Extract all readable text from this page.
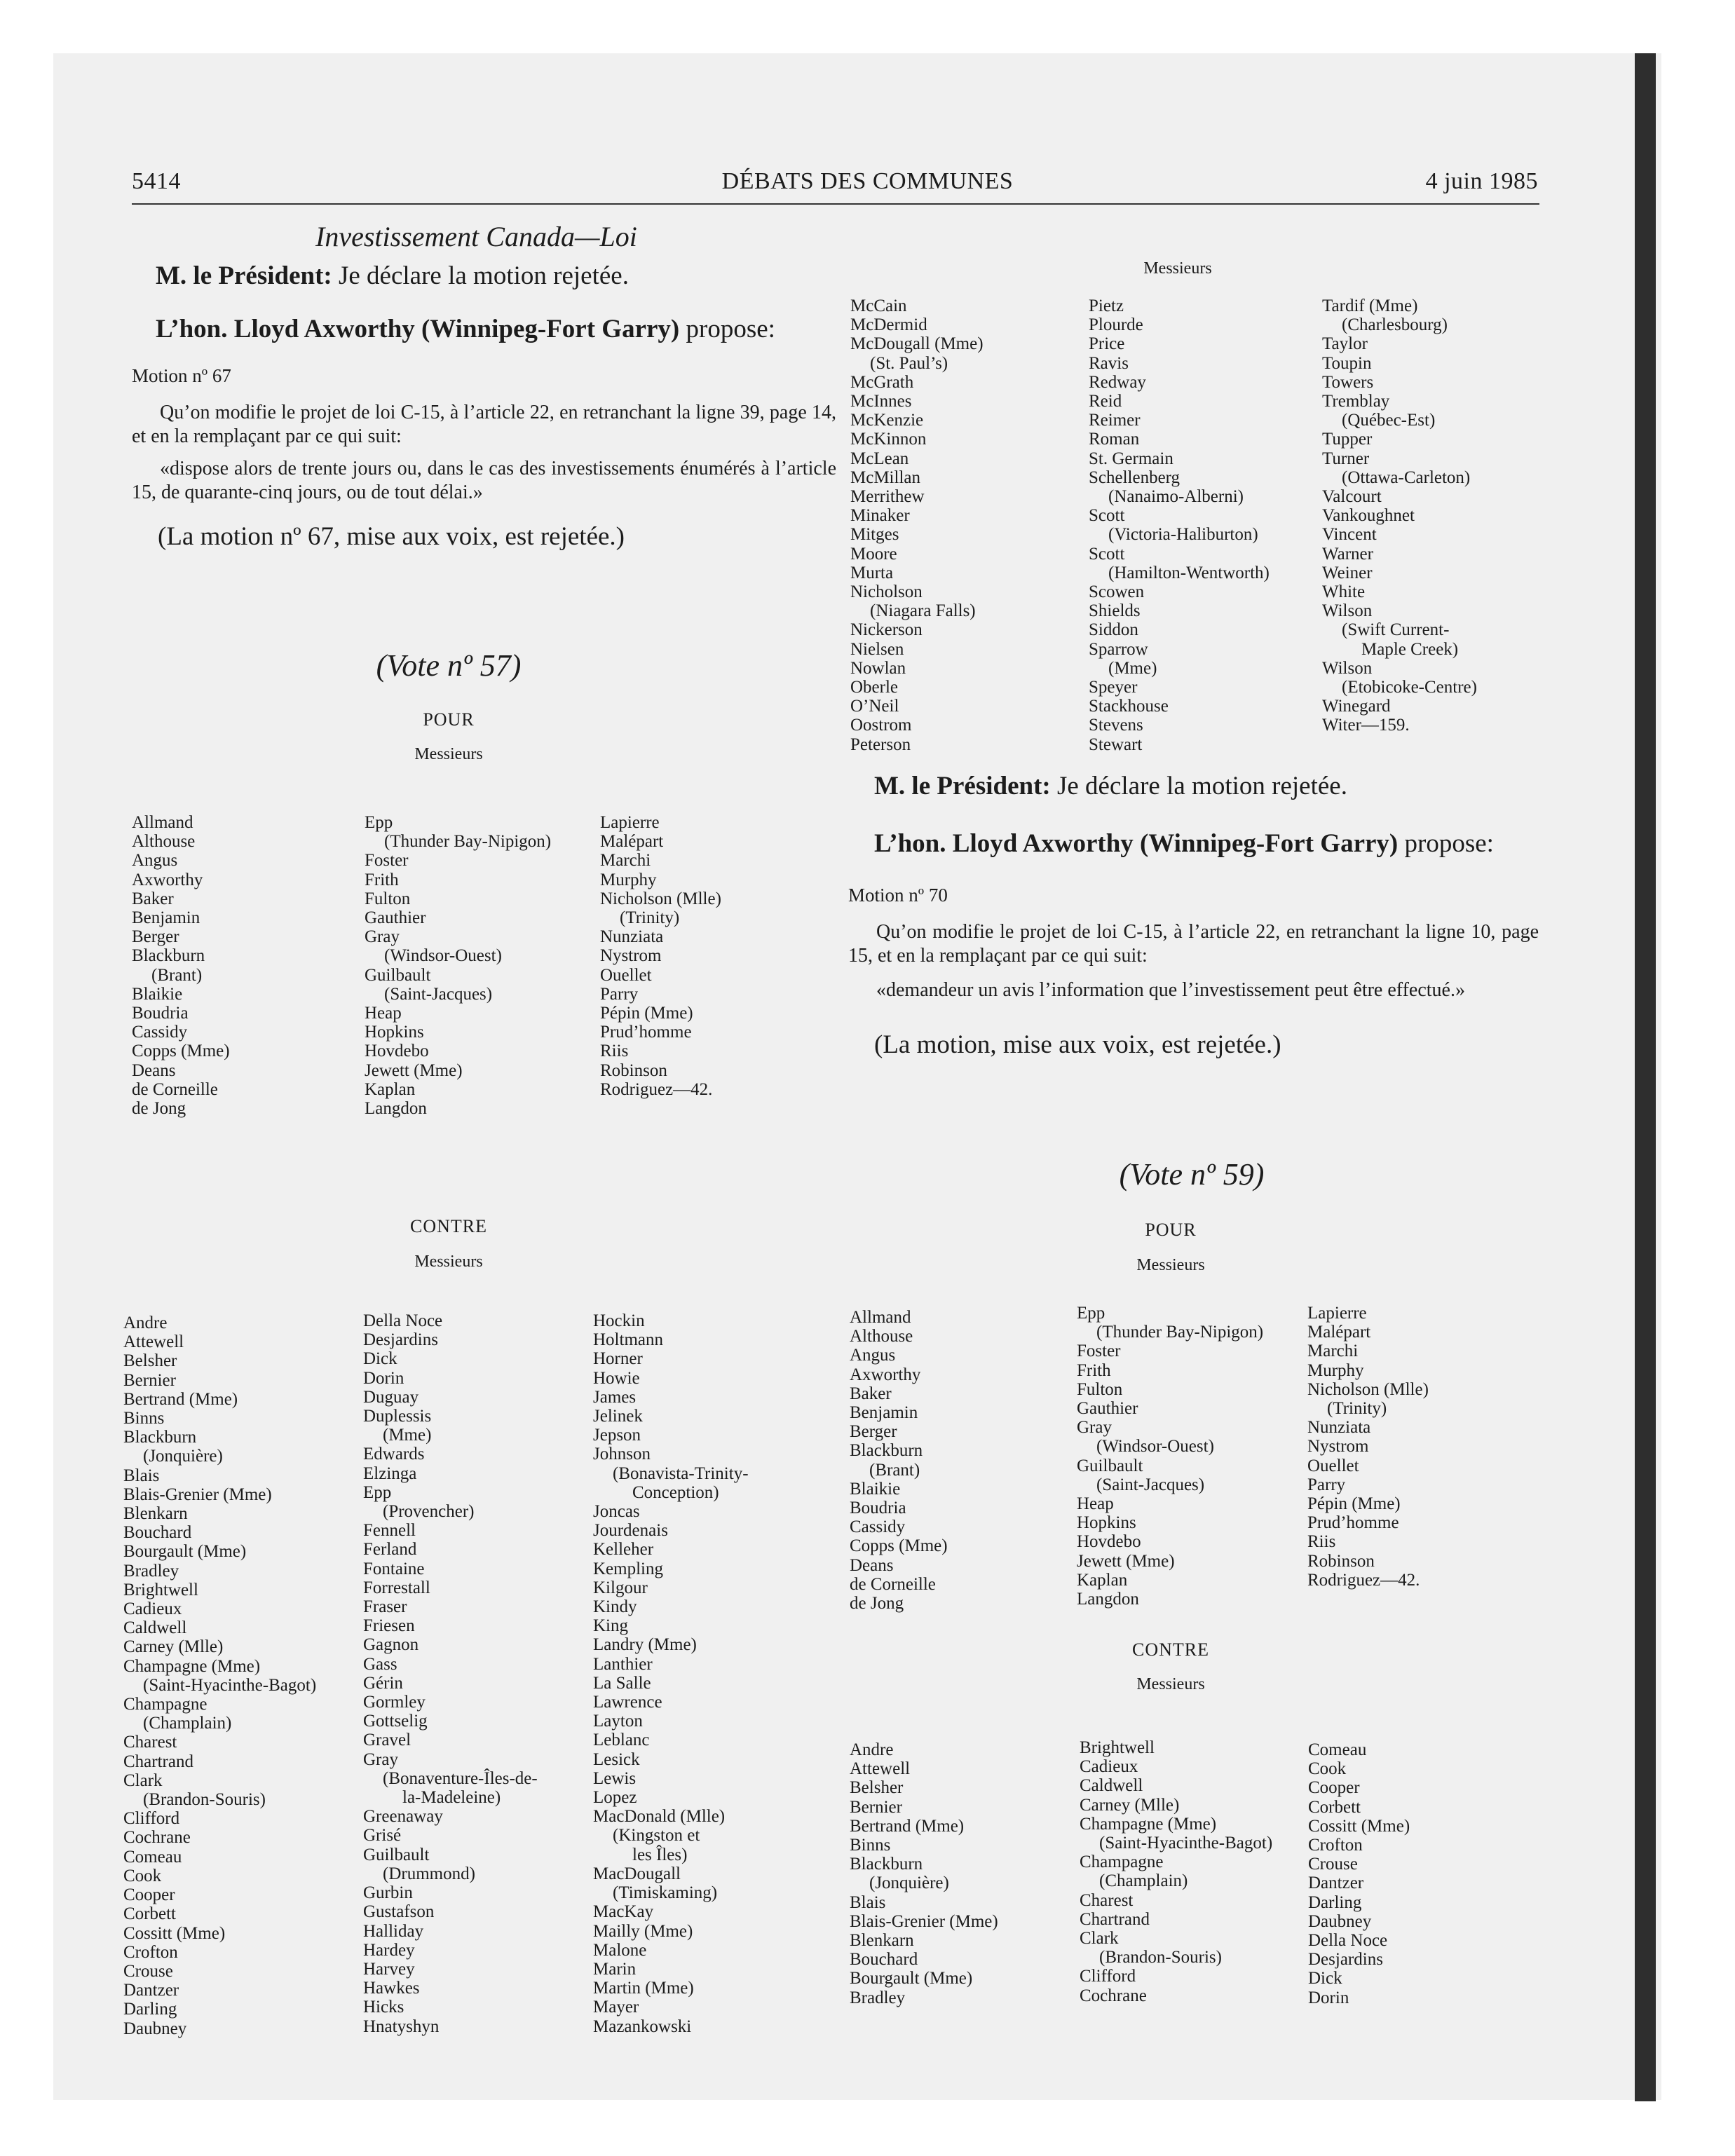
5414	DÉBATS DES COMMUNES	4 juin 1985
Investissement Canada—Loi
M. le Président: Je déclare la motion rejetée.
L’hon. Lloyd Axworthy (Winnipeg-Fort Garry) propose:
Motion nº 67
Qu’on modifie le projet de loi C-15, à l’article 22, en retranchant la ligne 39, page 14, et en la remplaçant par ce qui suit:
«dispose alors de trente jours ou, dans le cas des investissements énumérés à l’article 15, de quarante-cinq jours, ou de tout délai.»
(La motion nº 67, mise aux voix, est rejetée.)
(Vote nº 57)
POUR
Messieurs
Allmand
Althouse
Angus
Axworthy
Baker
Benjamin
Berger
Blackburn
(Brant)
Blaikie
Boudria
Cassidy
Copps (Mme)
Deans
de Corneille
de Jong
Epp
(Thunder Bay-Nipigon)
Foster
Frith
Fulton
Gauthier
Gray
(Windsor-Ouest)
Guilbault
(Saint-Jacques)
Heap
Hopkins
Hovdebo
Jewett (Mme)
Kaplan
Langdon
Lapierre
Malépart
Marchi
Murphy
Nicholson (Mlle)
(Trinity)
Nunziata
Nystrom
Ouellet
Parry
Pépin (Mme)
Prud’homme
Riis
Robinson
Rodriguez—42.
CONTRE
Messieurs
Andre
Attewell
Belsher
Bernier
Bertrand (Mme)
Binns
Blackburn
(Jonquière)
Blais
Blais-Grenier (Mme)
Blenkarn
Bouchard
Bourgault (Mme)
Bradley
Brightwell
Cadieux
Caldwell
Carney (Mlle)
Champagne (Mme)
(Saint-Hyacinthe-Bagot)
Champagne
(Champlain)
Charest
Chartrand
Clark
(Brandon-Souris)
Clifford
Cochrane
Comeau
Cook
Cooper
Corbett
Cossitt (Mme)
Crofton
Crouse
Dantzer
Darling
Daubney
Della Noce
Desjardins
Dick
Dorin
Duguay
Duplessis
(Mme)
Edwards
Elzinga
Epp
(Provencher)
Fennell
Ferland
Fontaine
Forrestall
Fraser
Friesen
Gagnon
Gass
Gérin
Gormley
Gottselig
Gravel
Gray
(Bonaventure-Îles-de-
la-Madeleine)
Greenaway
Grisé
Guilbault
(Drummond)
Gurbin
Gustafson
Halliday
Hardey
Harvey
Hawkes
Hicks
Hnatyshyn
Hockin
Holtmann
Horner
Howie
James
Jelinek
Jepson
Johnson
(Bonavista-Trinity-
Conception)
Joncas
Jourdenais
Kelleher
Kempling
Kilgour
Kindy
King
Landry (Mme)
Lanthier
La Salle
Lawrence
Layton
Leblanc
Lesick
Lewis
Lopez
MacDonald (Mlle)
(Kingston et
les Îles)
MacDougall
(Timiskaming)
MacKay
Mailly (Mme)
Malone
Marin
Martin (Mme)
Mayer
Mazankowski
Messieurs
McCain
McDermid
McDougall (Mme)
(St. Paul’s)
McGrath
McInnes
McKenzie
McKinnon
McLean
McMillan
Merrithew
Minaker
Mitges
Moore
Murta
Nicholson
(Niagara Falls)
Nickerson
Nielsen
Nowlan
Oberle
O’Neil
Oostrom
Peterson
Pietz
Plourde
Price
Ravis
Redway
Reid
Reimer
Roman
St. Germain
Schellenberg
(Nanaimo-Alberni)
Scott
(Victoria-Haliburton)
Scott
(Hamilton-Wentworth)
Scowen
Shields
Siddon
Sparrow
(Mme)
Speyer
Stackhouse
Stevens
Stewart
Tardif (Mme)
(Charlesbourg)
Taylor
Toupin
Towers
Tremblay
(Québec-Est)
Tupper
Turner
(Ottawa-Carleton)
Valcourt
Vankoughnet
Vincent
Warner
Weiner
White
Wilson
(Swift Current-
Maple Creek)
Wilson
(Etobicoke-Centre)
Winegard
Witer—159.
M. le Président: Je déclare la motion rejetée.
L’hon. Lloyd Axworthy (Winnipeg-Fort Garry) propose:
Motion nº 70
Qu’on modifie le projet de loi C-15, à l’article 22, en retranchant la ligne 10, page 15, et en la remplaçant par ce qui suit:
«demandeur un avis l’information que l’investissement peut être effectué.»
(La motion, mise aux voix, est rejetée.)
(Vote nº 59)
POUR
Messieurs
Allmand
Althouse
Angus
Axworthy
Baker
Benjamin
Berger
Blackburn
(Brant)
Blaikie
Boudria
Cassidy
Copps (Mme)
Deans
de Corneille
de Jong
Epp
(Thunder Bay-Nipigon)
Foster
Frith
Fulton
Gauthier
Gray
(Windsor-Ouest)
Guilbault
(Saint-Jacques)
Heap
Hopkins
Hovdebo
Jewett (Mme)
Kaplan
Langdon
Lapierre
Malépart
Marchi
Murphy
Nicholson (Mlle)
(Trinity)
Nunziata
Nystrom
Ouellet
Parry
Pépin (Mme)
Prud’homme
Riis
Robinson
Rodriguez—42.
CONTRE
Messieurs
Andre
Attewell
Belsher
Bernier
Bertrand (Mme)
Binns
Blackburn
(Jonquière)
Blais
Blais-Grenier (Mme)
Blenkarn
Bouchard
Bourgault (Mme)
Bradley
Brightwell
Cadieux
Caldwell
Carney (Mlle)
Champagne (Mme)
(Saint-Hyacinthe-Bagot)
Champagne
(Champlain)
Charest
Chartrand
Clark
(Brandon-Souris)
Clifford
Cochrane
Comeau
Cook
Cooper
Corbett
Cossitt (Mme)
Crofton
Crouse
Dantzer
Darling
Daubney
Della Noce
Desjardins
Dick
Dorin
